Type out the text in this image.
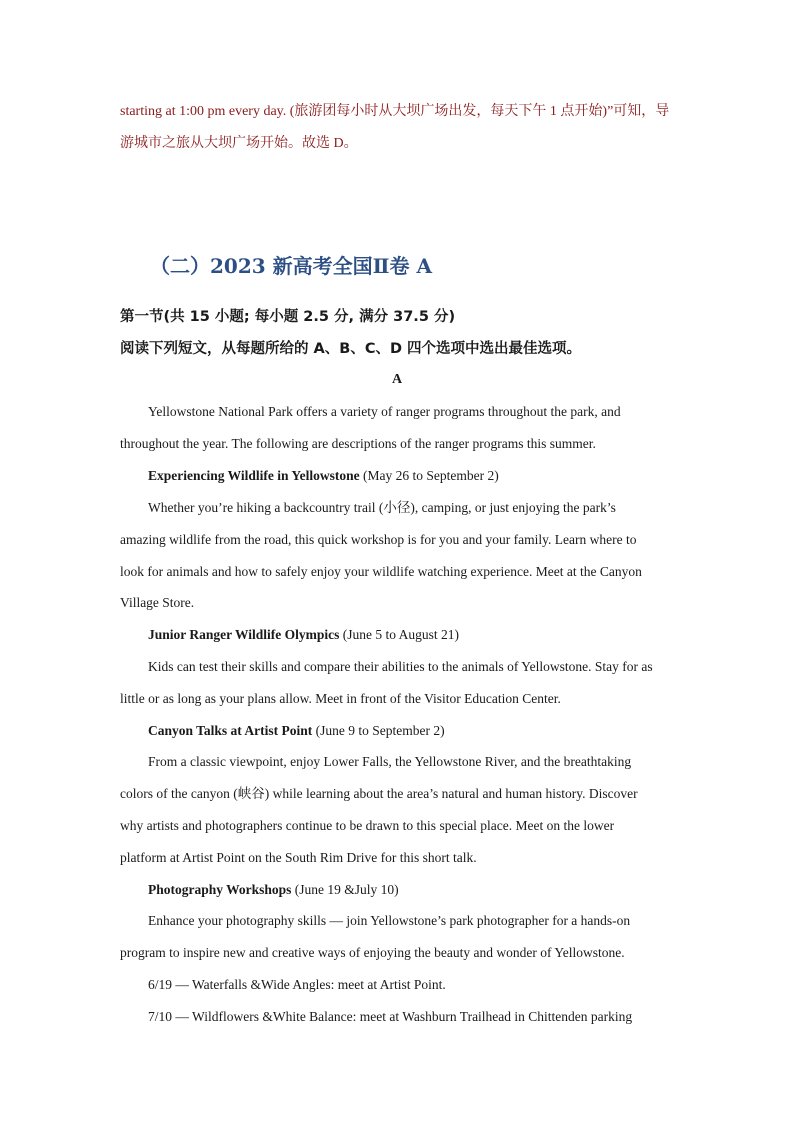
starting at 1:00 pm every day. (旅游团每小时从大坝广场出发，每天下午 1 点开始)”可知，导
游城市之旅从大坝广场开始。故选 D。
（二）2023 新高考全国Ⅱ卷 A
第一节(共 15 小题; 每小题 2.5 分, 满分 37.5 分)
阅读下列短文，从每题所给的 A、B、C、D 四个选项中选出最佳选项。
A
Yellowstone National Park offers a variety of ranger programs throughout the park, and
throughout the year. The following are descriptions of the ranger programs this summer.
Experiencing Wildlife in Yellowstone (May 26 to September 2)
Whether you’re hiking a backcountry trail (小径), camping, or just enjoying the park’s
amazing wildlife from the road, this quick workshop is for you and your family. Learn where to
look for animals and how to safely enjoy your wildlife watching experience. Meet at the Canyon
Village Store.
Junior Ranger Wildlife Olympics (June 5 to August 21)
Kids can test their skills and compare their abilities to the animals of Yellowstone. Stay for as
little or as long as your plans allow. Meet in front of the Visitor Education Center.
Canyon Talks at Artist Point (June 9 to September 2)
From a classic viewpoint, enjoy Lower Falls, the Yellowstone River, and the breathtaking
colors of the canyon (峡谷) while learning about the area’s natural and human history. Discover
why artists and photographers continue to be drawn to this special place. Meet on the lower
platform at Artist Point on the South Rim Drive for this short talk.
Photography Workshops (June 19 &July 10)
Enhance your photography skills — join Yellowstone’s park photographer for a hands-on
program to inspire new and creative ways of enjoying the beauty and wonder of Yellowstone.
6/19 — Waterfalls &Wide Angles: meet at Artist Point.
7/10 — Wildflowers &White Balance: meet at Washburn Trailhead in Chittenden parking
